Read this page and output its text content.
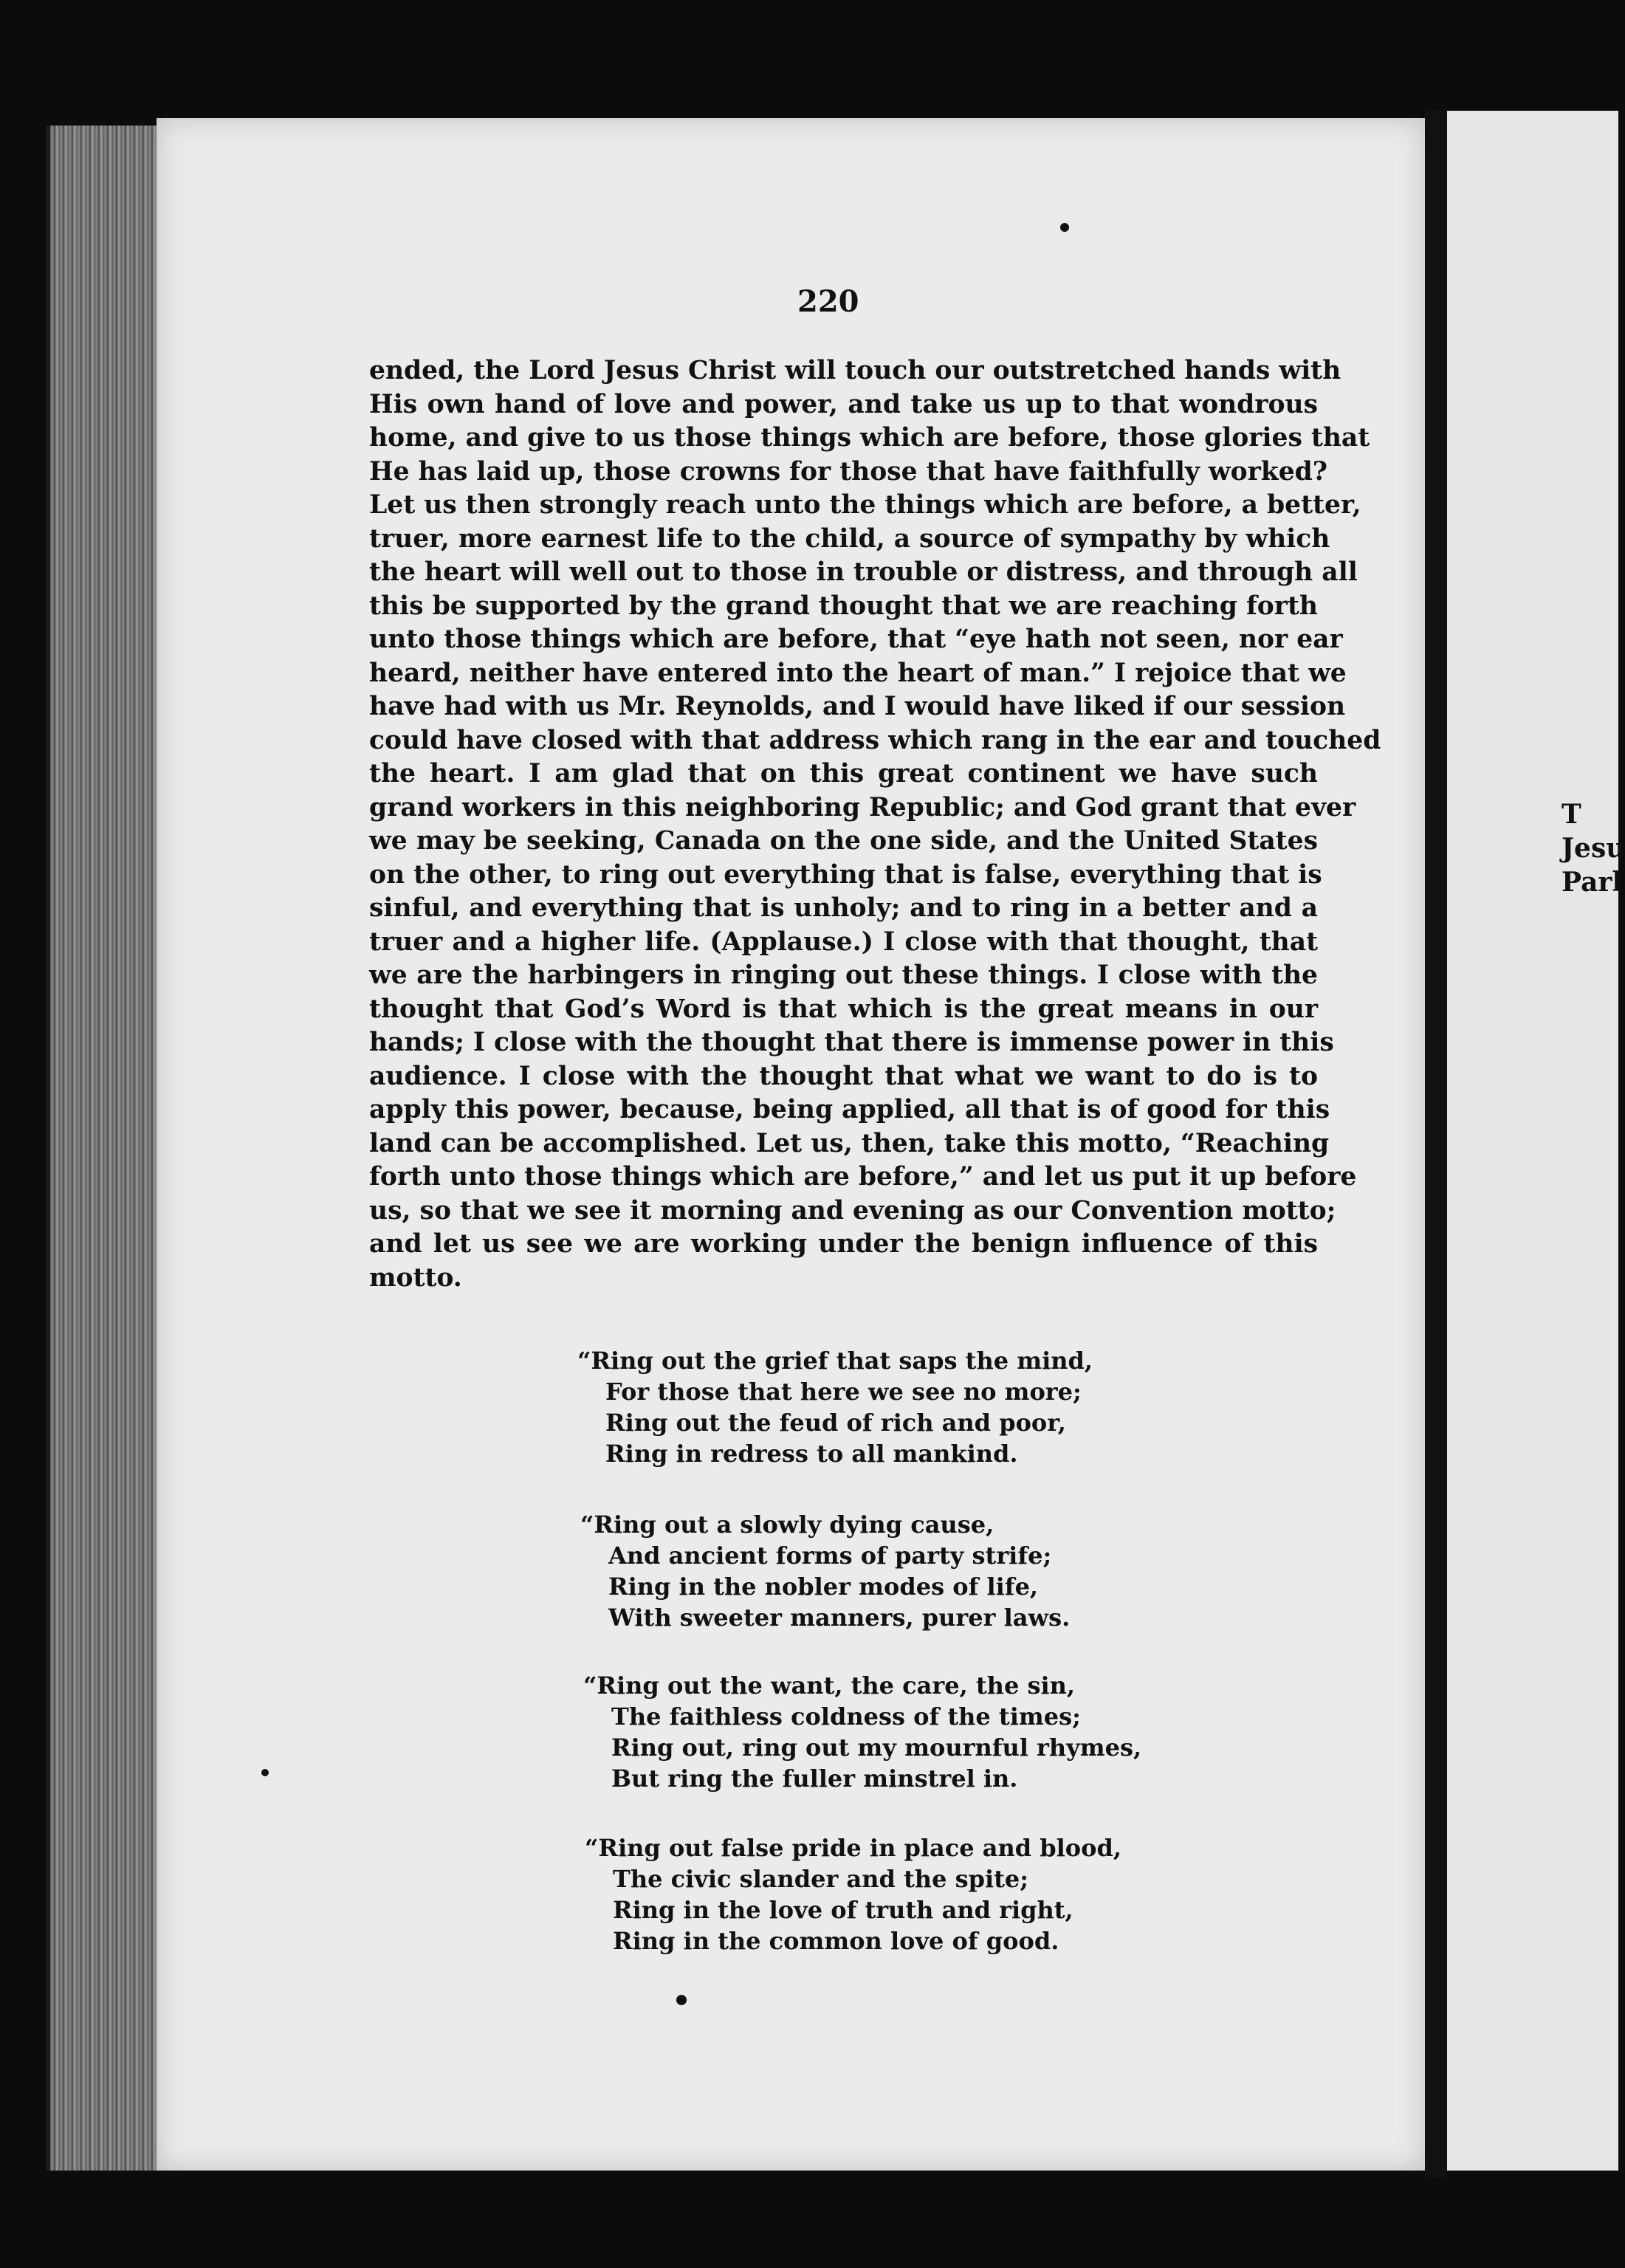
T
Jesu
Parl
220
ended, the Lord Jesus Christ will touch our outstretched hands with
His own hand of love and power, and take us up to that wondrous
home, and give to us those things which are before, those glories that
He has laid up, those crowns for those that have faithfully worked?
Let us then strongly reach unto the things which are before, a better,
truer, more earnest life to the child, a source of sympathy by which
the heart will well out to those in trouble or distress, and through all
this be supported by the grand thought that we are reaching forth
unto those things which are before, that “eye hath not seen, nor ear
heard, neither have entered into the heart of man.” I rejoice that we
have had with us Mr. Reynolds, and I would have liked if our session
could have closed with that address which rang in the ear and touched
the heart. I am glad that on this great continent we have such
grand workers in this neighboring Republic; and God grant that ever
we may be seeking, Canada on the one side, and the United States
on the other, to ring out everything that is false, everything that is
sinful, and everything that is unholy; and to ring in a better and a
truer and a higher life. (Applause.) I close with that thought, that
we are the harbingers in ringing out these things. I close with the
thought that God’s Word is that which is the great means in our
hands; I close with the thought that there is immense power in this
audience. I close with the thought that what we want to do is to
apply this power, because, being applied, all that is of good for this
land can be accomplished. Let us, then, take this motto, “Reaching
forth unto those things which are before,” and let us put it up before
us, so that we see it morning and evening as our Convention motto;
and let us see we are working under the benign influence of this
motto.
“Ring out the grief that saps the mind,
For those that here we see no more;
Ring out the feud of rich and poor,
Ring in redress to all mankind.
“Ring out a slowly dying cause,
And ancient forms of party strife;
Ring in the nobler modes of life,
With sweeter manners, purer laws.
“Ring out the want, the care, the sin,
The faithless coldness of the times;
Ring out, ring out my mournful rhymes,
But ring the fuller minstrel in.
“Ring out false pride in place and blood,
The civic slander and the spite;
Ring in the love of truth and right,
Ring in the common love of good.
